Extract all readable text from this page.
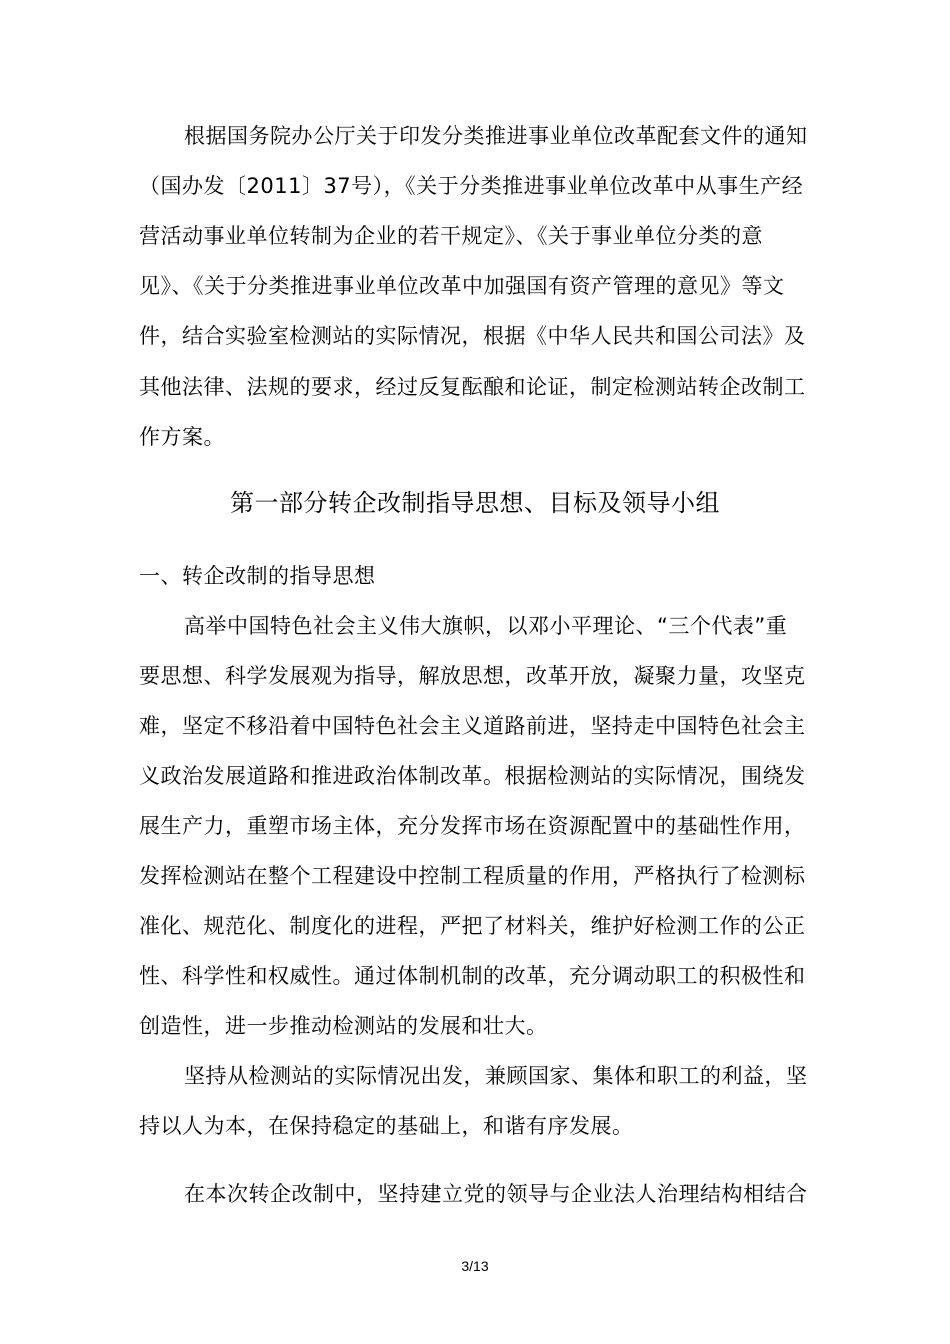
根据国务院办公厅关于印发分类推进事业单位改革配套文件的通知
（国办发〔2011〕37号），《关于分类推进事业单位改革中从事生产经
营活动事业单位转制为企业的若干规定》、《关于事业单位分类的意
见》、《关于分类推进事业单位改革中加强国有资产管理的意见》等文
件，结合实验室检测站的实际情况，根据《中华人民共和国公司法》及
其他法律、法规的要求，经过反复酝酿和论证，制定检测站转企改制工
作方案。
第一部分转企改制指导思想、目标及领导小组
一、转企改制的指导思想
高举中国特色社会主义伟大旗帜，以邓小平理论、“三个代表”重
要思想、科学发展观为指导，解放思想，改革开放，凝聚力量，攻坚克
难，坚定不移沿着中国特色社会主义道路前进，坚持走中国特色社会主
义政治发展道路和推进政治体制改革。根据检测站的实际情况，围绕发
展生产力，重塑市场主体，充分发挥市场在资源配置中的基础性作用，
发挥检测站在整个工程建设中控制工程质量的作用，严格执行了检测标
准化、规范化、制度化的进程，严把了材料关，维护好检测工作的公正
性、科学性和权威性。通过体制机制的改革，充分调动职工的积极性和
创造性，进一步推动检测站的发展和壮大。
坚持从检测站的实际情况出发，兼顾国家、集体和职工的利益，坚
持以人为本，在保持稳定的基础上，和谐有序发展。
在本次转企改制中，坚持建立党的领导与企业法人治理结构相结合
3/13
